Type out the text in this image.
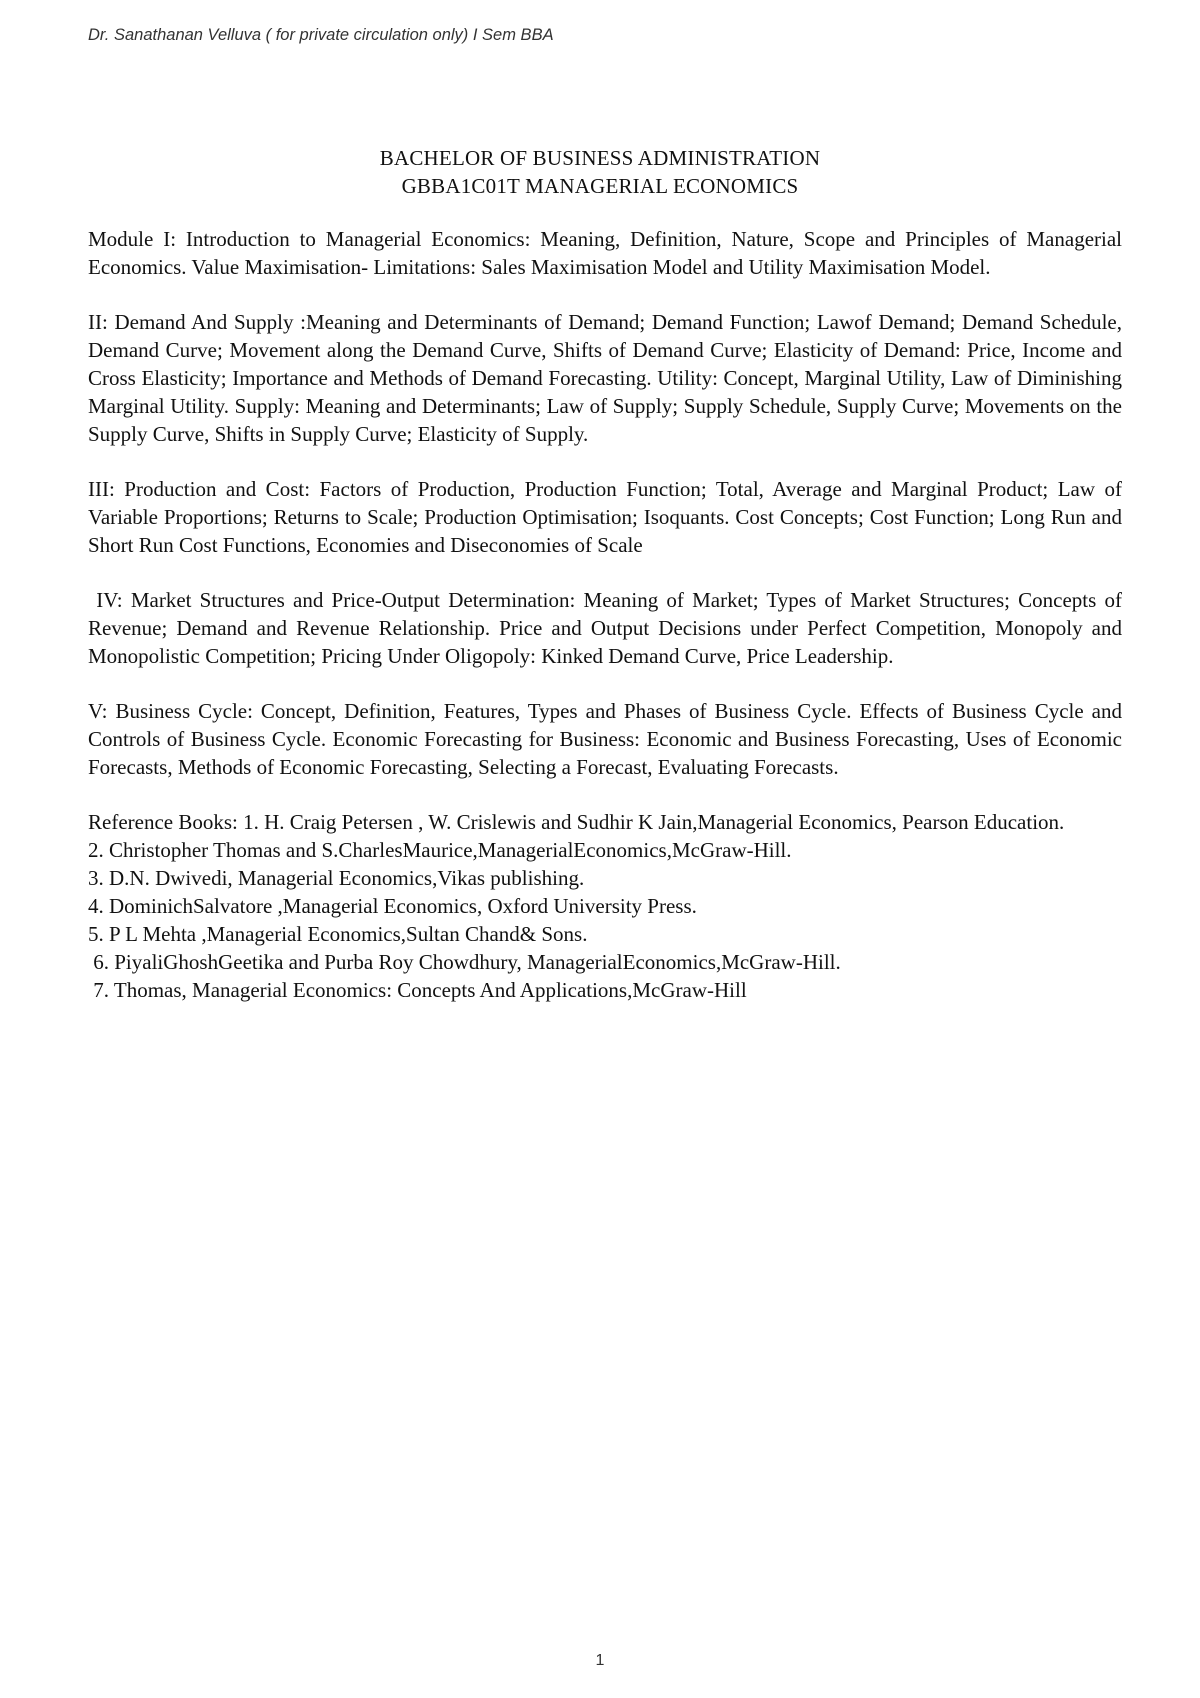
Dr. Sanathanan Velluva ( for private circulation only) I Sem BBA
BACHELOR OF BUSINESS ADMINISTRATION
GBBA1C01T MANAGERIAL ECONOMICS

Module I: Introduction to Managerial Economics: Meaning, Definition, Nature, Scope and Principles of Managerial Economics. Value Maximisation- Limitations: Sales Maximisation Model and Utility Maximisation Model.

II: Demand And Supply :Meaning and Determinants of Demand; Demand Function; Lawof Demand; Demand Schedule, Demand Curve; Movement along the Demand Curve, Shifts of Demand Curve; Elasticity of Demand: Price, Income and Cross Elasticity; Importance and Methods of Demand Forecasting. Utility: Concept, Marginal Utility, Law of Diminishing Marginal Utility. Supply: Meaning and Determinants; Law of Supply; Supply Schedule, Supply Curve; Movements on the Supply Curve, Shifts in Supply Curve; Elasticity of Supply.

III: Production and Cost: Factors of Production, Production Function; Total, Average and Marginal Product; Law of Variable Proportions; Returns to Scale; Production Optimisation; Isoquants. Cost Concepts; Cost Function; Long Run and Short Run Cost Functions, Economies and Diseconomies of Scale

IV: Market Structures and Price-Output Determination: Meaning of Market; Types of Market Structures; Concepts of Revenue; Demand and Revenue Relationship. Price and Output Decisions under Perfect Competition, Monopoly and Monopolistic Competition; Pricing Under Oligopoly: Kinked Demand Curve, Price Leadership.

V: Business Cycle: Concept, Definition, Features, Types and Phases of Business Cycle. Effects of Business Cycle and Controls of Business Cycle. Economic Forecasting for Business: Economic and Business Forecasting, Uses of Economic Forecasts, Methods of Economic Forecasting, Selecting a Forecast, Evaluating Forecasts.

Reference Books: 1. H. Craig Petersen , W. Crislewis and Sudhir K Jain,Managerial Economics, Pearson Education.

2. Christopher Thomas and S.CharlesMaurice,ManagerialEconomics,McGraw-Hill.

3. D.N. Dwivedi, Managerial Economics,Vikas publishing.

4. DominichSalvatore ,Managerial Economics, Oxford University Press.

5. P L Mehta ,Managerial Economics,Sultan Chand& Sons.

6. PiyaliGhoshGeetika and Purba Roy Chowdhury, ManagerialEconomics,McGraw-Hill.

7. Thomas, Managerial Economics: Concepts And Applications,McGraw-Hill

1
